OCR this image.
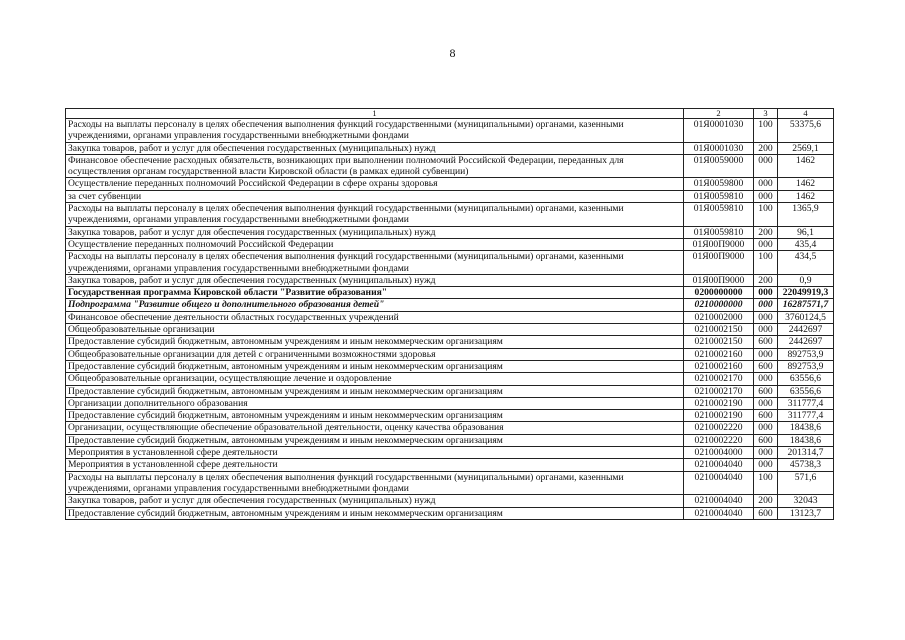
8
1	2	3	4
Расходы на выплаты персоналу в целях обеспечения выполнения функций государственными (муниципальными) органами, казенными учреждениями, органами управления государственными внебюджетными фондами	01Я0001030	100	53375,6
Закупка товаров, работ и услуг для обеспечения государственных (муниципальных) нужд	01Я0001030	200	2569,1
Финансовое обеспечение расходных обязательств, возникающих при выполнении полномочий Российской Федерации, переданных для осуществления органам государственной власти Кировской области (в рамках единой субвенции)	01Я0059000	000	1462
Осуществление переданных полномочий Российской Федерации в сфере охраны здоровья	01Я0059800	000	1462
за счет субвенции	01Я0059810	000	1462
Расходы на выплаты персоналу в целях обеспечения выполнения функций государственными (муниципальными) органами, казенными учреждениями, органами управления государственными внебюджетными фондами	01Я0059810	100	1365,9
Закупка товаров, работ и услуг для обеспечения государственных (муниципальных) нужд	01Я0059810	200	96,1
Осуществление переданных полномочий Российской Федерации	01Я00П9000	000	435,4
Расходы на выплаты персоналу в целях обеспечения выполнения функций государственными (муниципальными) органами, казенными учреждениями, органами управления государственными внебюджетными фондами	01Я00П9000	100	434,5
Закупка товаров, работ и услуг для обеспечения государственных (муниципальных) нужд	01Я00П9000	200	0,9
Государственная программа Кировской области "Развитие образования"	0200000000	000	22049919,3
Подпрограмма "Развитие общего и дополнительного образования детей"	0210000000	000	16287571,7
Финансовое обеспечение деятельности областных государственных учреждений	0210002000	000	3760124,5
Общеобразовательные организации	0210002150	000	2442697
Предоставление субсидий бюджетным, автономным учреждениям и иным некоммерческим организациям	0210002150	600	2442697
Общеобразовательные организации для детей с ограниченными возможностями здоровья	0210002160	000	892753,9
Предоставление субсидий бюджетным, автономным учреждениям и иным некоммерческим организациям	0210002160	600	892753,9
Общеобразовательные организации, осуществляющие лечение и оздоровление	0210002170	000	63556,6
Предоставление субсидий бюджетным, автономным учреждениям и иным некоммерческим организациям	0210002170	600	63556,6
Организации дополнительного образования	0210002190	000	311777,4
Предоставление субсидий бюджетным, автономным учреждениям и иным некоммерческим организациям	0210002190	600	311777,4
Организации, осуществляющие обеспечение образовательной деятельности, оценку качества образования	0210002220	000	18438,6
Предоставление субсидий бюджетным, автономным учреждениям и иным некоммерческим организациям	0210002220	600	18438,6
Мероприятия в установленной сфере деятельности	0210004000	000	201314,7
Мероприятия в установленной сфере деятельности	0210004040	000	45738,3
Расходы на выплаты персоналу в целях обеспечения выполнения функций государственными (муниципальными) органами, казенными учреждениями, органами управления государственными внебюджетными фондами	0210004040	100	571,6
Закупка товаров, работ и услуг для обеспечения государственных (муниципальных) нужд	0210004040	200	32043
Предоставление субсидий бюджетным, автономным учреждениям и иным некоммерческим организациям	0210004040	600	13123,7
